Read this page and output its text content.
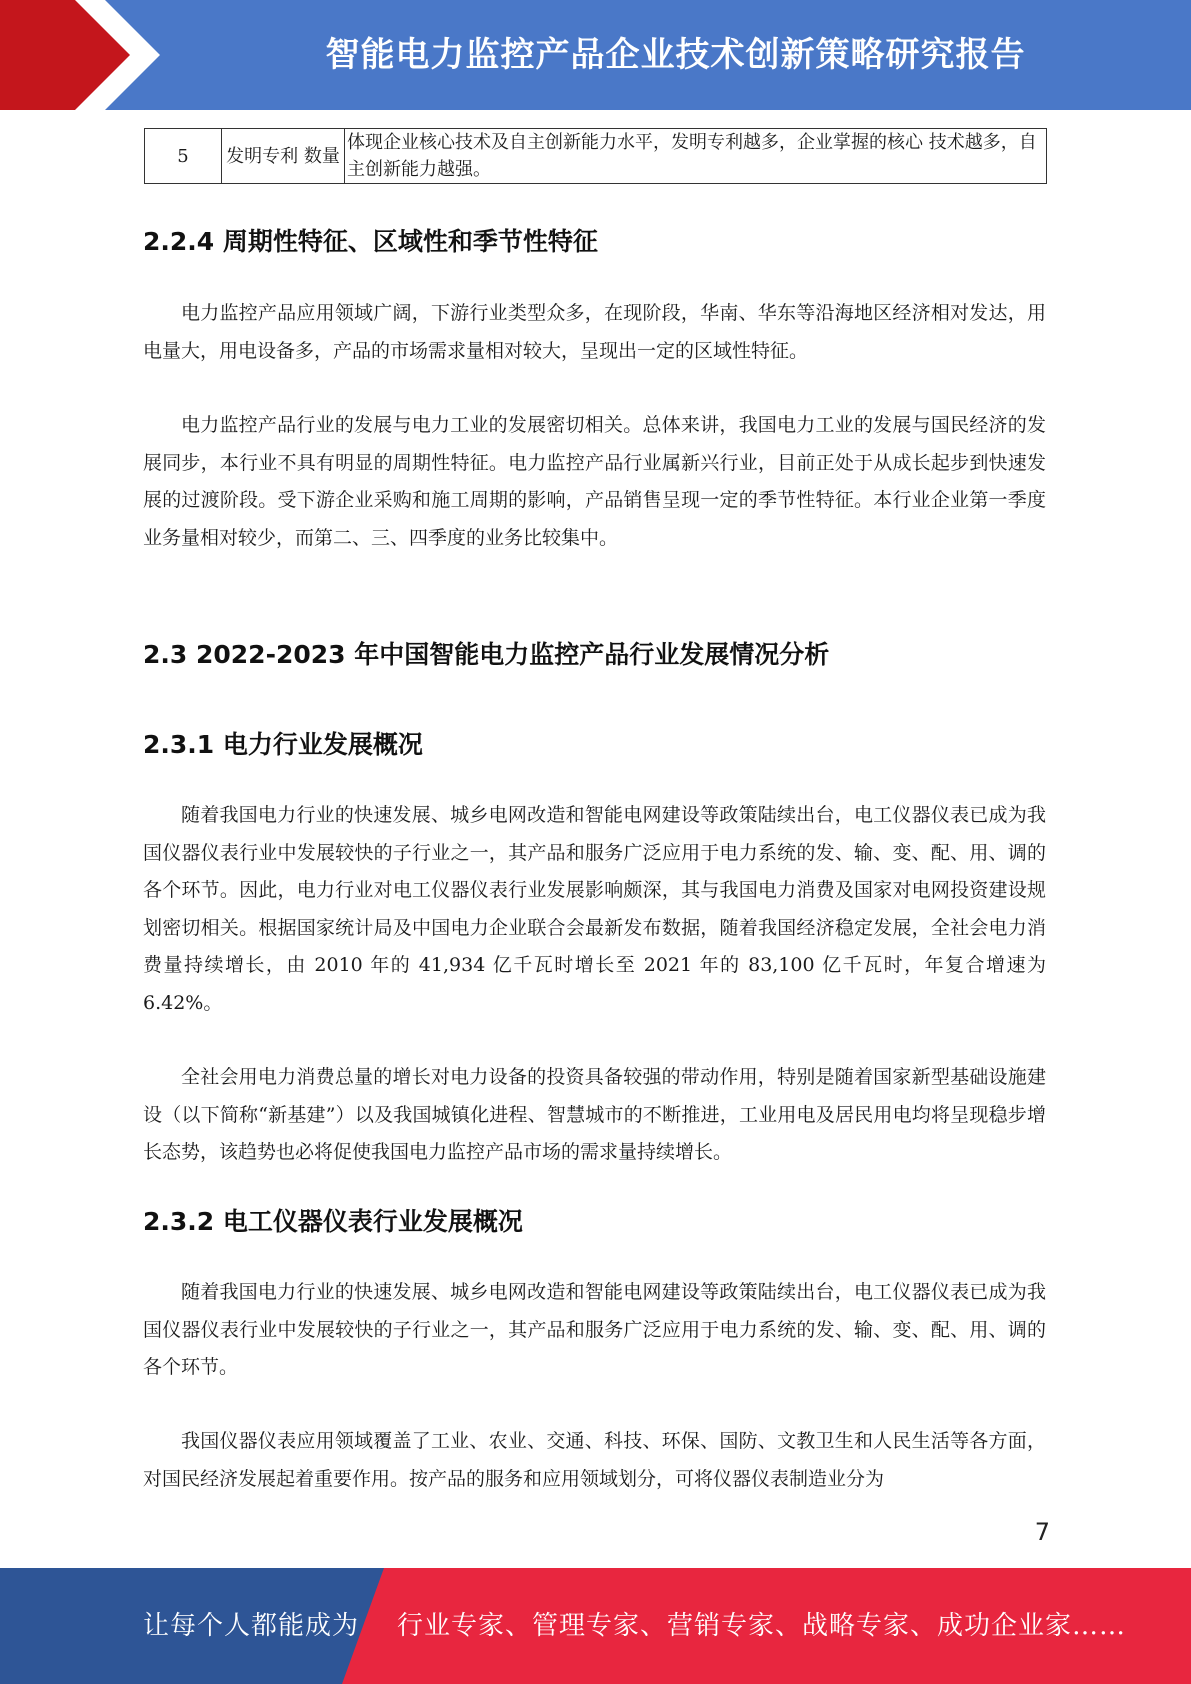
智能电力监控产品企业技术创新策略研究报告
5	发明专利 数量	体现企业核心技术及自主创新能力水平，发明专利越多，企业掌握的核心 技术越多，自主创新能力越强。
2.2.4 周期性特征、区域性和季节性特征

电力监控产品应用领域广阔，下游行业类型众多，在现阶段，华南、华东等沿海地区经济相对发达，用电量大，用电设备多，产品的市场需求量相对较大，呈现出一定的区域性特征。

电力监控产品行业的发展与电力工业的发展密切相关。总体来讲，我国电力工业的发展与国民经济的发展同步，本行业不具有明显的周期性特征。电力监控产品行业属新兴行业，目前正处于从成长起步到快速发展的过渡阶段。受下游企业采购和施工周期的影响，产品销售呈现一定的季节性特征。本行业企业第一季度业务量相对较少，而第二、三、四季度的业务比较集中。

2.3 2022-2023 年中国智能电力监控产品行业发展情况分析
2.3.1 电力行业发展概况

随着我国电力行业的快速发展、城乡电网改造和智能电网建设等政策陆续出台，电工仪器仪表已成为我国仪器仪表行业中发展较快的子行业之一，其产品和服务广泛应用于电力系统的发、输、变、配、用、调的各个环节。因此，电力行业对电工仪器仪表行业发展影响颇深，其与我国电力消费及国家对电网投资建设规划密切相关。根据国家统计局及中国电力企业联合会最新发布数据，随着我国经济稳定发展，全社会电力消费量持续增长，由 2010 年的 41,934 亿千瓦时增长至 2021 年的 83,100 亿千瓦时，年复合增速为 6.42%。

全社会用电力消费总量的增长对电力设备的投资具备较强的带动作用，特别是随着国家新型基础设施建设（以下简称“新基建”）以及我国城镇化进程、智慧城市的不断推进，工业用电及居民用电均将呈现稳步增长态势，该趋势也必将促使我国电力监控产品市场的需求量持续增长。

2.3.2 电工仪器仪表行业发展概况

随着我国电力行业的快速发展、城乡电网改造和智能电网建设等政策陆续出台，电工仪器仪表已成为我国仪器仪表行业中发展较快的子行业之一，其产品和服务广泛应用于电力系统的发、输、变、配、用、调的各个环节。

我国仪器仪表应用领域覆盖了工业、农业、交通、科技、环保、国防、文教卫生和人民生活等各方面，对国民经济发展起着重要作用。按产品的服务和应用领域划分，可将仪器仪表制造业分为

7
让每个人都能成为 行业专家、管理专家、营销专家、战略专家、成功企业家……
